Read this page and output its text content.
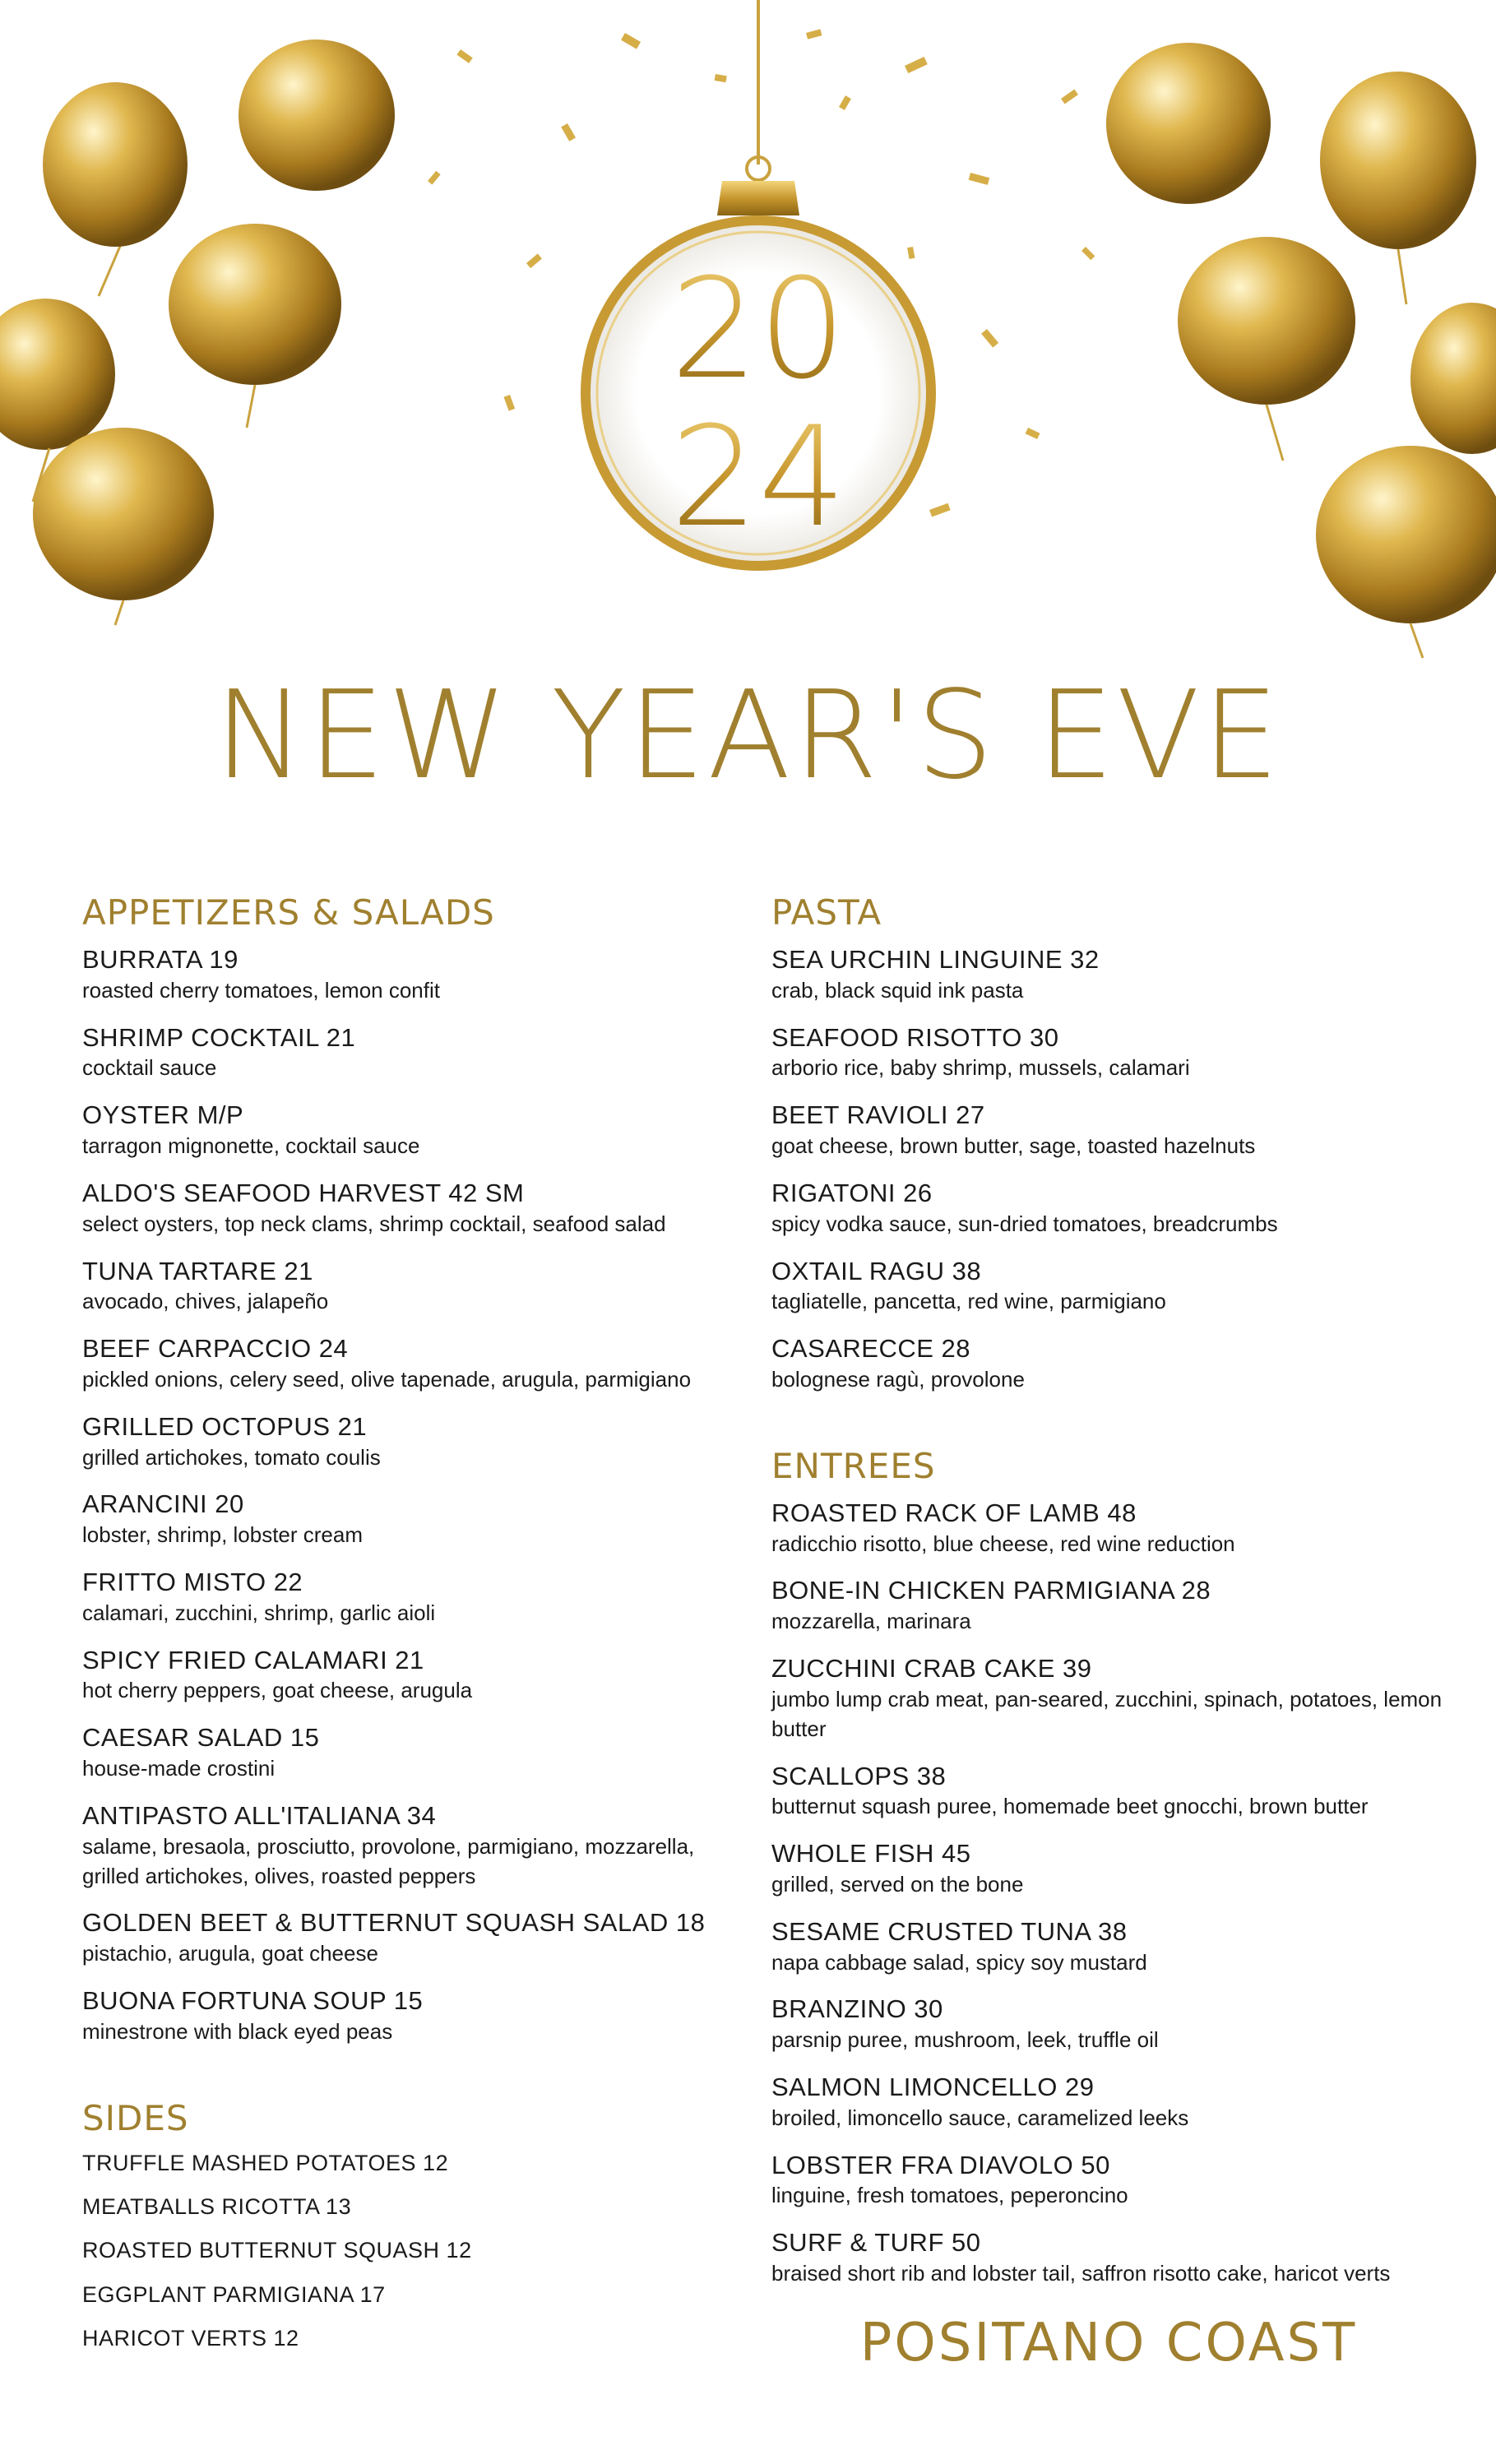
20
24
NEW YEAR'S EVE
APPETIZERS & SALADS
BURRATA 19
roasted cherry tomatoes, lemon confit
SHRIMP COCKTAIL 21
cocktail sauce
OYSTER M/P
tarragon mignonette, cocktail sauce
ALDO'S SEAFOOD HARVEST 42 SM
select oysters, top neck clams, shrimp cocktail, seafood salad
TUNA TARTARE 21
avocado, chives, jalapeño
BEEF CARPACCIO 24
pickled onions, celery seed, olive tapenade, arugula, parmigiano
GRILLED OCTOPUS 21
grilled artichokes, tomato coulis
ARANCINI 20
lobster, shrimp, lobster cream
FRITTO MISTO 22
calamari, zucchini, shrimp, garlic aioli
SPICY FRIED CALAMARI 21
hot cherry peppers, goat cheese, arugula
CAESAR SALAD 15
house-made crostini
ANTIPASTO ALL'ITALIANA 34
salame, bresaola, prosciutto, provolone, parmigiano, mozzarella, grilled artichokes, olives, roasted peppers
GOLDEN BEET & BUTTERNUT SQUASH SALAD 18
pistachio, arugula, goat cheese
BUONA FORTUNA SOUP 15
minestrone with black eyed peas
SIDES
TRUFFLE MASHED POTATOES 12
MEATBALLS RICOTTA 13
ROASTED BUTTERNUT SQUASH 12
EGGPLANT PARMIGIANA 17
HARICOT VERTS 12
PASTA
SEA URCHIN LINGUINE 32
crab, black squid ink pasta
SEAFOOD RISOTTO 30
arborio rice, baby shrimp, mussels, calamari
BEET RAVIOLI 27
goat cheese, brown butter, sage, toasted hazelnuts
RIGATONI 26
spicy vodka sauce, sun-dried tomatoes, breadcrumbs
OXTAIL RAGU 38
tagliatelle, pancetta, red wine, parmigiano
CASARECCE 28
bolognese ragù, provolone
ENTREES
ROASTED RACK OF LAMB 48
radicchio risotto, blue cheese, red wine reduction
BONE-IN CHICKEN PARMIGIANA 28
mozzarella, marinara
ZUCCHINI CRAB CAKE 39
jumbo lump crab meat, pan-seared, zucchini, spinach, potatoes, lemon butter
SCALLOPS 38
butternut squash puree, homemade beet gnocchi, brown butter
WHOLE FISH 45
grilled, served on the bone
SESAME CRUSTED TUNA 38
napa cabbage salad, spicy soy mustard
BRANZINO 30
parsnip puree, mushroom, leek, truffle oil
SALMON LIMONCELLO 29
broiled, limoncello sauce, caramelized leeks
LOBSTER FRA DIAVOLO 50
linguine, fresh tomatoes, peperoncino
SURF & TURF 50
braised short rib and lobster tail, saffron risotto cake, haricot verts
POSITANO COAST
